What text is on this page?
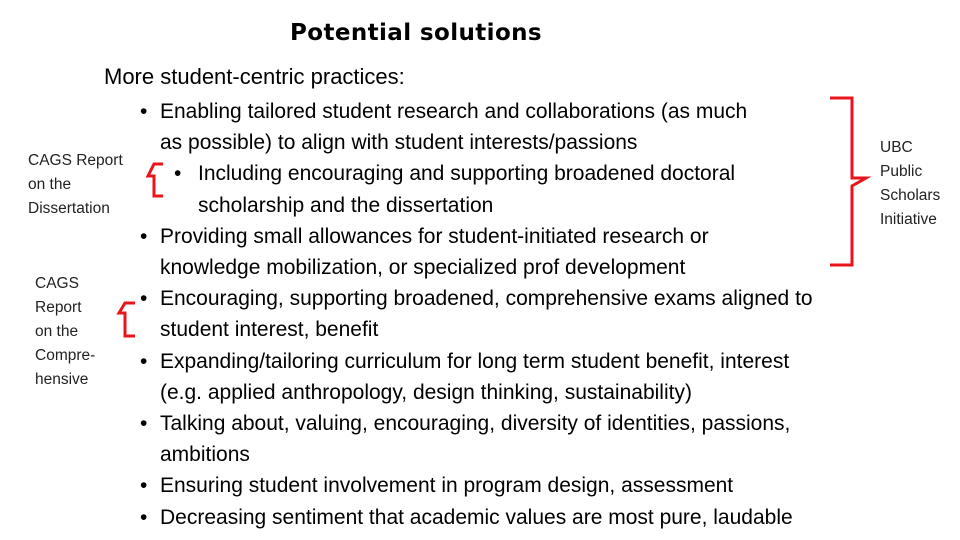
Potential solutions
More student-centric practices:
• Enabling tailored student research and collaborations (as much
as possible) to align with student interests/passions
• Including encouraging and supporting broadened doctoral
scholarship and the dissertation
• Providing small allowances for student-initiated research or
knowledge mobilization, or specialized prof development
• Encouraging, supporting broadened, comprehensive exams aligned to
student interest, benefit
• Expanding/tailoring curriculum for long term student benefit, interest
(e.g. applied anthropology, design thinking, sustainability)
• Talking about, valuing, encouraging, diversity of identities, passions,
ambitions
• Ensuring student involvement in program design, assessment
• Decreasing sentiment that academic values are most pure, laudable
CAGS Report
on the
Dissertation
CAGS
Report
on the
Compre-
hensive
UBC
Public
Scholars
Initiative
